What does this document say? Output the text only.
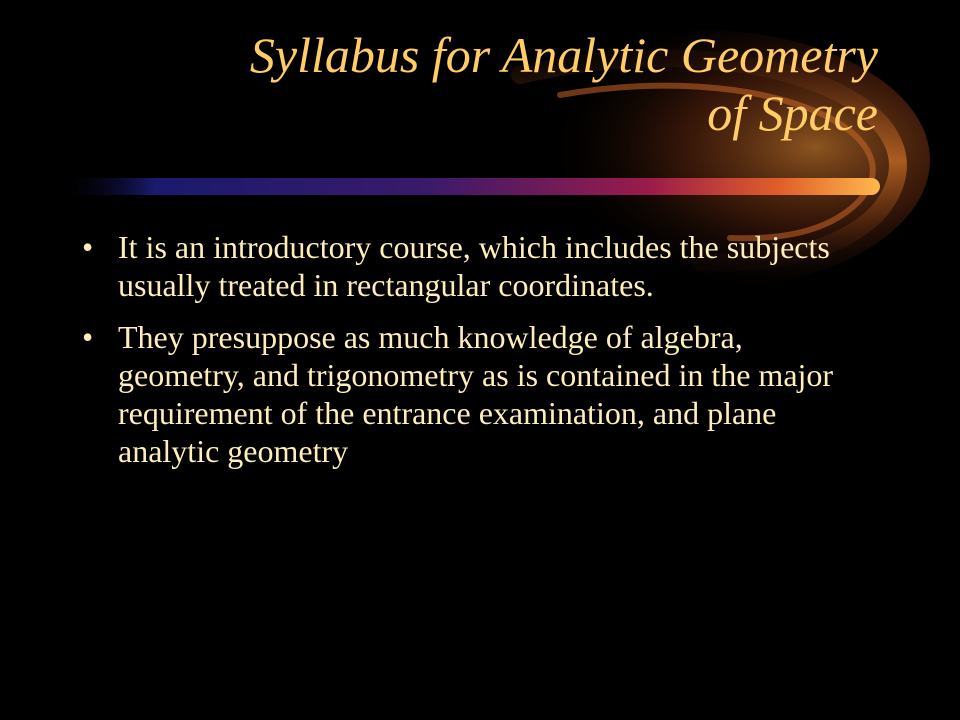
Syllabus for Analytic Geometry
of Space
• It is an introductory course, which includes the subjects usually treated in rectangular coordinates.
• They presuppose as much knowledge of algebra, geometry, and trigonometry as is contained in the major requirement of the entrance examination, and plane analytic geometry
